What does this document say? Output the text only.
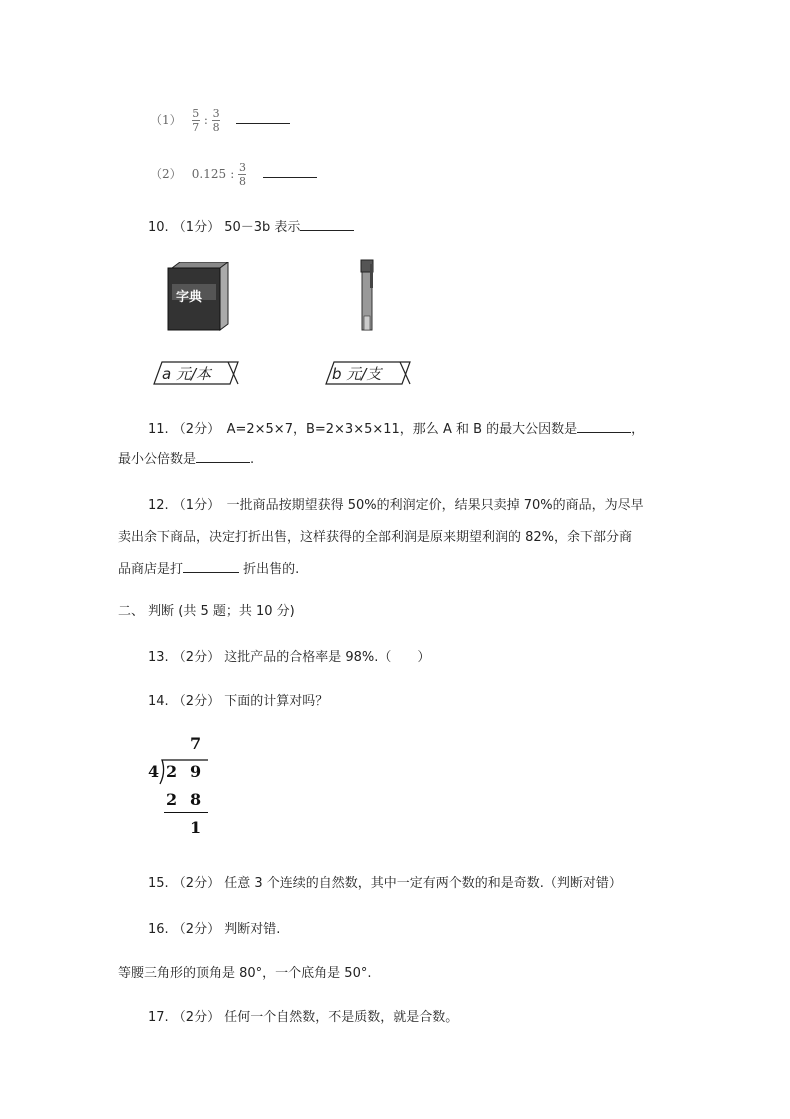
$(1) \frac{5}{7}$ : $\frac{3}{8}$

（2） 0.125 : $\frac{3}{8}$

10. （1分） 50－3b 表示
字典
a 元/本	b 元/支
11. （2分）　A=2×5×7，B=2×3×5×11，那么 A 和 B 的最大公因数是	，
最小公倍数是	.
12. （1分）　一批商品按期望获得 50%的利润定价，结果只卖掉 70%的商品，为尽早
卖出余下商品，决定打折出售，这样获得的全部利润是原来期望利润的 82%，余下部分商
品商店是打	折出售的.
二、 判断 (共 5 题；共 10 分)
13. （2分） 这批产品的合格率是 98%.（　　）
14. （2分） 下面的计算对吗？
7
4 2 9
2 8
1
15. （2分） 任意 3 个连续的自然数，其中一定有两个数的和是奇数.（判断对错）
16. （2分） 判断对错.
等腰三角形的顶角是 80°，一个底角是 50°.
17. （2分） 任何一个自然数，不是质数，就是合数。
